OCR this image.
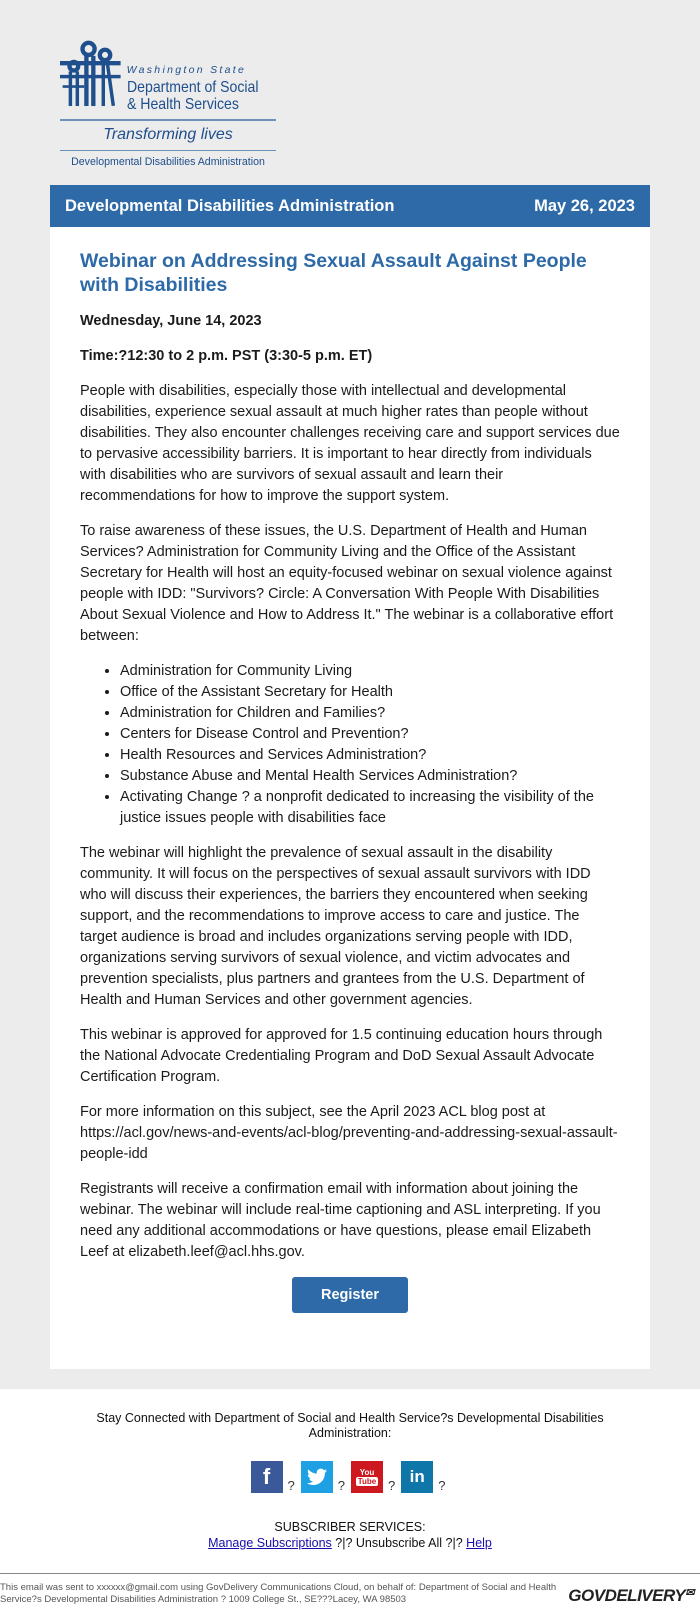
Washington State
Department of Social
& Health Services
Transforming lives
Developmental Disabilities Administration
Developmental Disabilities Administration	May 26, 2023
Webinar on Addressing Sexual Assault Against People with Disabilities

Wednesday, June 14, 2023

Time:?12:30 to 2 p.m. PST (3:30-5 p.m. ET)

People with disabilities, especially those with intellectual and developmental disabilities, experience sexual assault at much higher rates than people without disabilities. They also encounter challenges receiving care and support services due to pervasive accessibility barriers. It is important to hear directly from individuals with disabilities who are survivors of sexual assault and learn their recommendations for how to improve the support system.

To raise awareness of these issues, the U.S. Department of Health and Human Services? Administration for Community Living and the Office of the Assistant Secretary for Health will host an equity-focused webinar on sexual violence against people with IDD: "Survivors? Circle: A Conversation With People With Disabilities About Sexual Violence and How to Address It." The webinar is a collaborative effort between:

• Administration for Community Living
• Office of the Assistant Secretary for Health
• Administration for Children and Families?
• Centers for Disease Control and Prevention?
• Health Resources and Services Administration?
• Substance Abuse and Mental Health Services Administration?
• Activating Change ? a nonprofit dedicated to increasing the visibility of the justice issues people with disabilities face

The webinar will highlight the prevalence of sexual assault in the disability community. It will focus on the perspectives of sexual assault survivors with IDD who will discuss their experiences, the barriers they encountered when seeking support, and the recommendations to improve access to care and justice. The target audience is broad and includes organizations serving people with IDD, organizations serving survivors of sexual violence, and victim advocates and prevention specialists, plus partners and grantees from the U.S. Department of Health and Human Services and other government agencies.

This webinar is approved for approved for 1.5 continuing education hours through the National Advocate Credentialing Program and DoD Sexual Assault Advocate Certification Program.

For more information on this subject, see the April 2023 ACL blog post at https://acl.gov/news-and-events/acl-blog/preventing-and-addressing-sexual-assault-people-idd

Registrants will receive a confirmation email with information about joining the webinar. The webinar will include real-time captioning and ASL interpreting. If you need any additional accommodations or have questions, please email Elizabeth Leef at elizabeth.leef@acl.hhs.gov.

Register
Stay Connected with Department of Social and Health Service?s Developmental Disabilities Administration:
f ?	?
You
Tube ? in ?
SUBSCRIBER SERVICES:
Manage Subscriptions ?|? Unsubscribe All ?|? Help
This email was sent to xxxxxx@gmail.com using GovDelivery Communications Cloud, on behalf of: Department of Social and Health Service?s Developmental Disabilities Administration ? 1009 College St., SE???Lacey, WA 98503	GOVDELIVERY✉
